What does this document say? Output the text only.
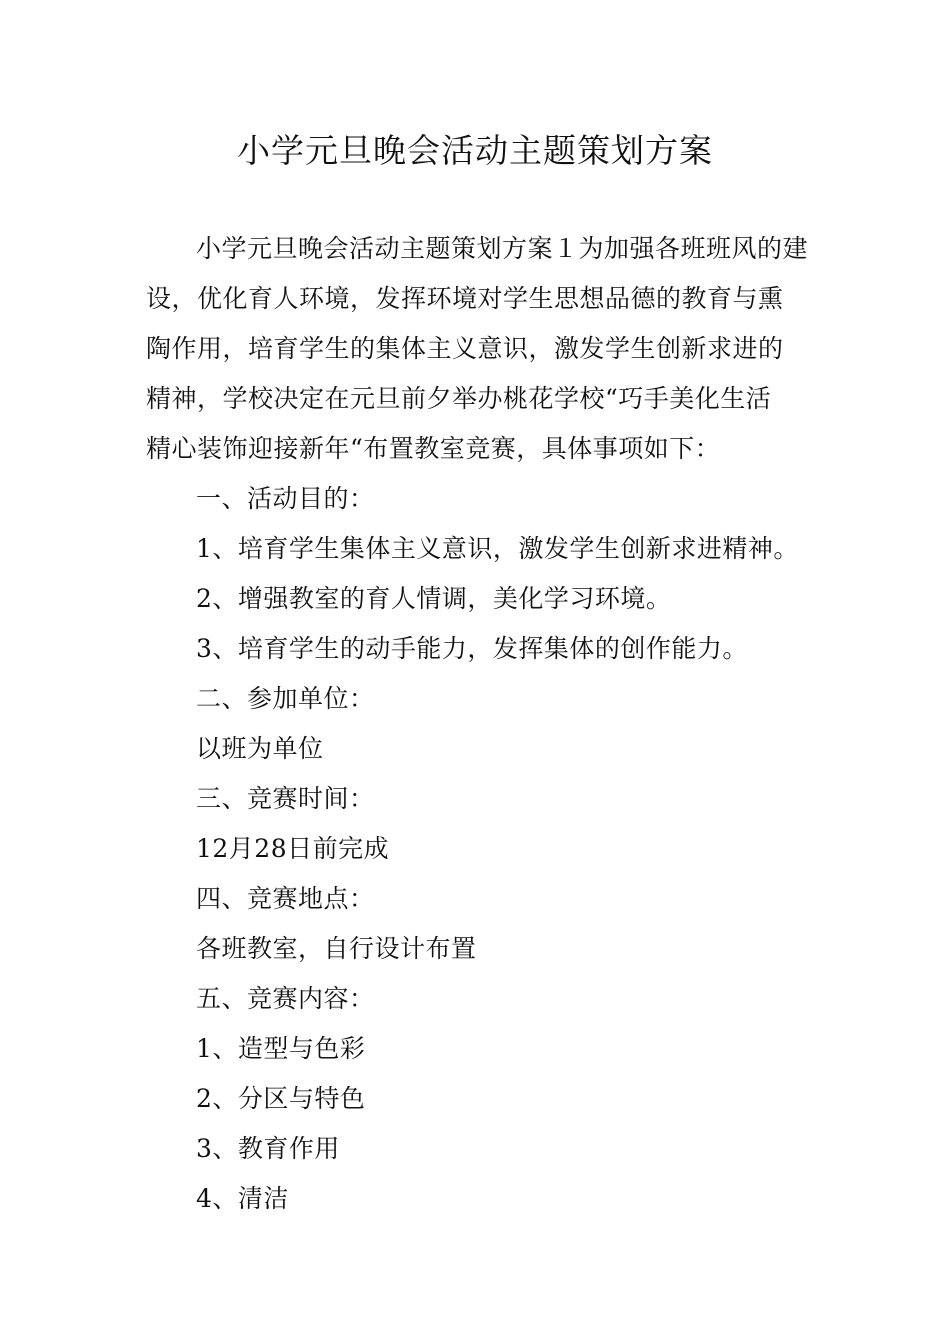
小学元旦晚会活动主题策划方案
小学元旦晚会活动主题策划方案１为加强各班班风的建
设，优化育人环境，发挥环境对学生思想品德的教育与熏
陶作用，培育学生的集体主义意识，激发学生创新求进的
精神，学校决定在元旦前夕举办桃花学校“巧手美化生活
精心装饰迎接新年“布置教室竞赛，具体事项如下：
一、活动目的：
1、培育学生集体主义意识，激发学生创新求进精神。
2、增强教室的育人情调，美化学习环境。
3、培育学生的动手能力，发挥集体的创作能力。
二、参加单位：
以班为单位
三、竞赛时间：
12月28日前完成
四、竞赛地点：
各班教室，自行设计布置
五、竞赛内容：
1、造型与色彩
2、分区与特色
3、教育作用
4、清洁
